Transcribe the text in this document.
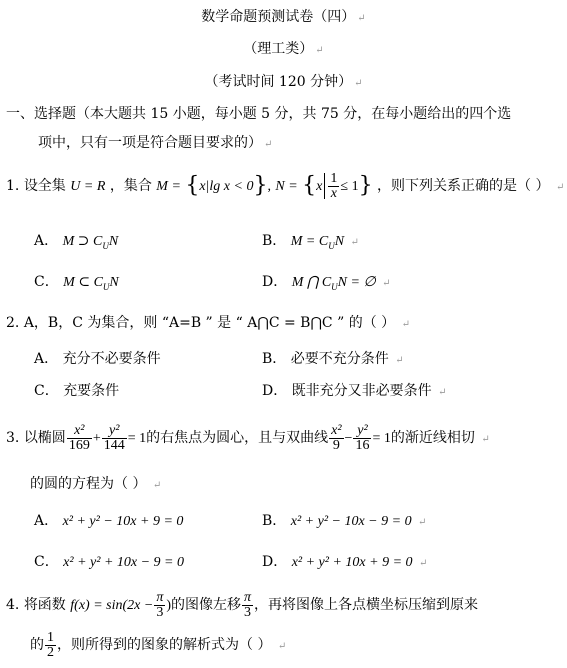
数学命题预测试卷（四） ↵
（理工类） ↵
（考试时间 120 分钟） ↵
一、选择题（本大题共 15 小题，每小题 5 分，共 75 分，在每小题给出的四个选
项中，只有一项是符合题目要求的） ↵
1. 设全集 U = R ，集合 M = {x|lg x < 0}, $N = \{x \frac{1}{x} \le 1\}$ ，则下列关系正确的是（ ） ↵
A． M ⊃ $C_UN$	B． $M = C_UN$ ↵
C． M ⊂ $C_UN$	D． M ⋂ $C_UN$ = ∅ ↵
2. A，B，C 为集合，则 “A=B ” 是 “ A⋂C = B⋂C ” 的（ ） ↵
A． 充分不必要条件	B． 必要不充分条件 ↵
C． 充要条件	D． 既非充分又非必要条件 ↵
3. 以椭圆 $\frac{\text{x²}}{169} + \frac{\text{y²}}{144} = 1$的右焦点为圆心，且与双曲线 $\frac{\text{x²}}{9} - \frac{\text{y²}}{16} = 1$的渐近线相切 ↵
的圆的方程为（ ） ↵
A． x² + y² − 10x + 9 = 0	B． x² + y² − 10x − 9 = 0 ↵
C． x² + y² + 10x − 9 = 0	D． x² + y² + 10x + 9 = 0 ↵
4. 将函数 $f(x) = \sin(2x - \frac{\pi}{3}$ )的图像左移 $\frac{\pi}{3}$ ，再将图像上各点横坐标压缩到原来
的 $\frac{1}{2}$ ，则所得到的图象的解析式为（ ） ↵
